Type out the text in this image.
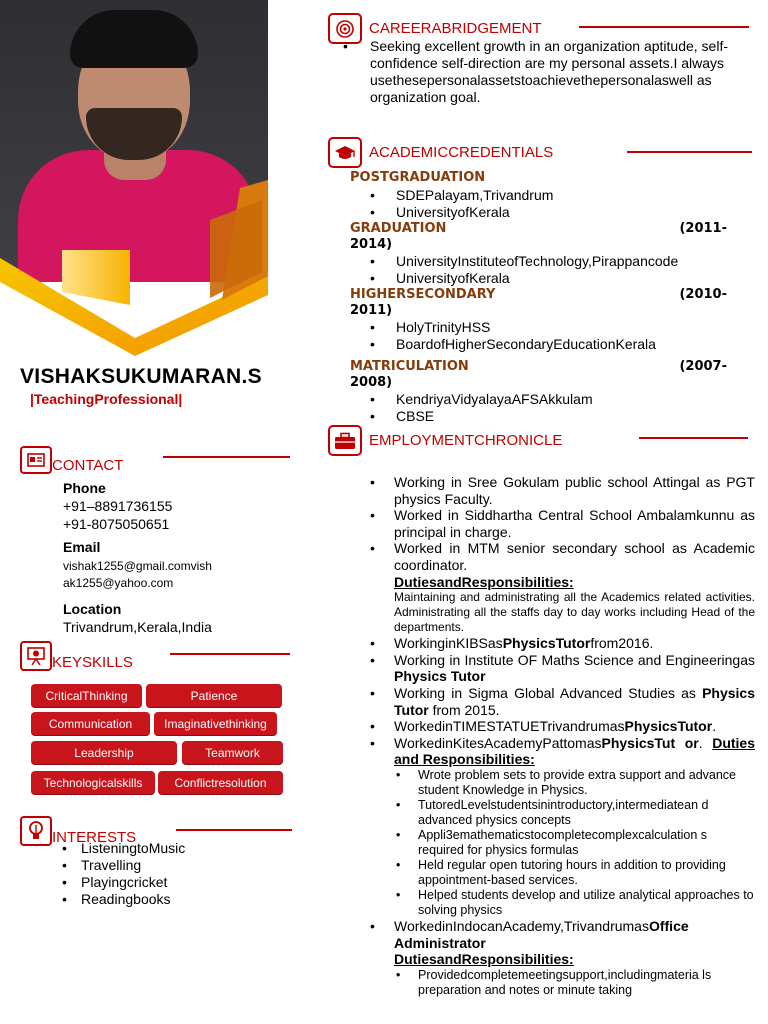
VISHAKSUKUMARAN.S
|TeachingProfessional|
CONTACT
Phone
+91–8891736155
+91-8075050651
Email
vishak1255@gmail.comvish
ak1255@yahoo.com
Location
Trivandrum,Kerala,India
KEYSKILLS
CriticalThinking	Patience
Communication	Imaginativethinking
Leadership	Teamwork
Technologicalskills	Conflictresolution
INTERESTS
• ListeningtoMusic
• Travelling
• Playingcricket
• Readingbooks
CAREERABRIDGEMENT
• Seeking excellent growth in an organization aptitude, self- confidence self-direction are my personal assets.I always usethesepersonalassetstoachievethepersonalaswell as organization goal.
ACADEMICCREDENTIALS
POSTGRADUATION
• SDEPalayam,Trivandrum
• UniversityofKerala
GRADUATION	(2011-
2014)
• UniversityInstituteofTechnology,Pirappancode
• UniversityofKerala
HIGHERSECONDARY	(2010-
2011)
• HolyTrinityHSS
• BoardofHigherSecondaryEducationKerala
MATRICULATION	(2007-
2008)
• KendriyaVidyalayaAFSAkkulam
• CBSE
EMPLOYMENTCHRONICLE
• Working in Sree Gokulam public school Attingal as PGT physics Faculty.
• Worked in Siddhartha Central School Ambalamkunnu as principal in charge.
• Worked in MTM senior secondary school as Academic coordinator.
DutiesandResponsibilities:
Maintaining and administrating all the Academics related activities. Administrating all the staffs day to day works including Head of the departments.
• WorkinginKIBSasPhysicsTutorfrom2016.
• Working in Institute OF Maths Science and Engineeringas Physics Tutor
• Working in Sigma Global Advanced Studies as Physics Tutor from 2015.
• WorkedinTIMESTATUETrivandrumasPhysicsTutor.
• WorkedinKitesAcademyPattomasPhysicsTut or. Duties and Responsibilities:
• Wrote problem sets to provide extra support and advance student Knowledge in Physics.
• TutoredLevelstudentsinintroductory,intermediatean d advanced physics concepts
• Appli3emathematicstocompletecomplexcalculation s required for physics formulas
• Held regular open tutoring hours in addition to providing appointment-based services.
• Helped students develop and utilize analytical approaches to solving physics
• WorkedinIndocanAcademy,TrivandrumasOffice Administrator
DutiesandResponsibilities:
• Providedcompletemeetingsupport,includingmateria ls preparation and notes or minute taking
